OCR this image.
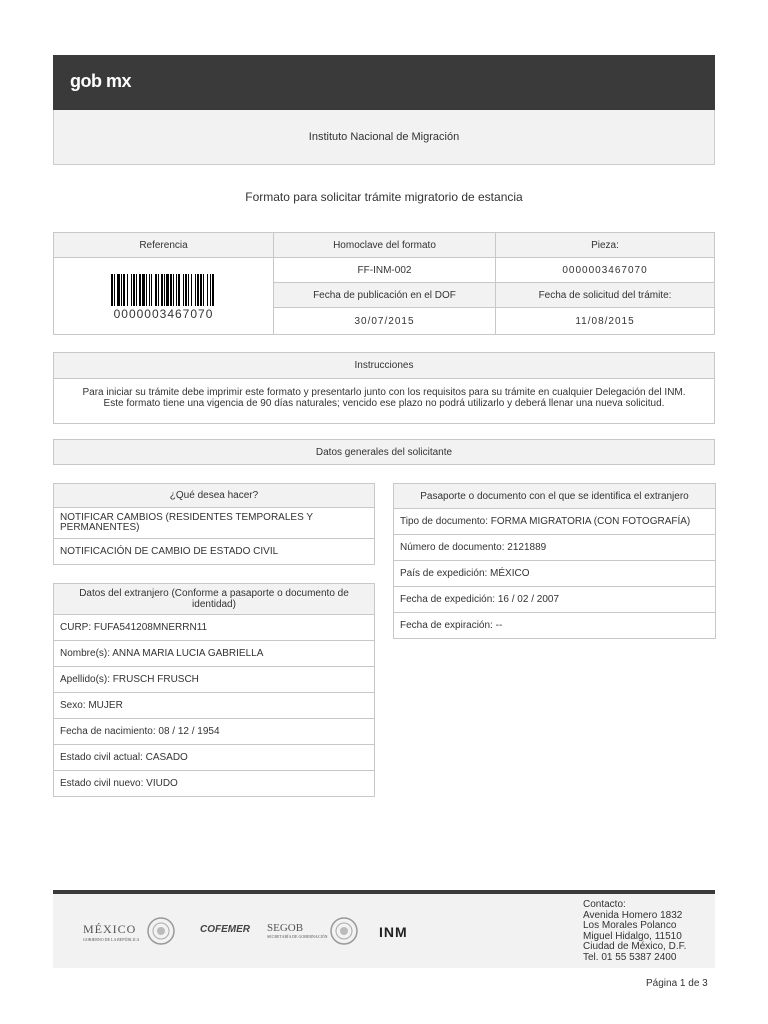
gob mx
Instituto Nacional de Migración
Formato para solicitar trámite migratorio de estancia
Referencia	Homoclave del formato	Pieza:

0000003467070	FF-INM-002	0000003467070
	Fecha de publicación en el DOF	Fecha de solicitud del trámite:
	30/07/2015	11/08/2015
Instrucciones
Para iniciar su trámite debe imprimir este formato y presentarlo junto con los requisitos para su trámite en cualquier Delegación del INM.
Este formato tiene una vigencia de 90 días naturales; vencido ese plazo no podrá utilizarlo y deberá llenar una nueva solicitud.
Datos generales del solicitante
¿Qué desea hacer?
NOTIFICAR CAMBIOS (RESIDENTES TEMPORALES Y PERMANENTES)
NOTIFICACIÓN DE CAMBIO DE ESTADO CIVIL
Datos del extranjero (Conforme a pasaporte o documento de identidad)
CURP: FUFA541208MNERRN11
Nombre(s): ANNA MARIA LUCIA GABRIELLA
Apellido(s): FRUSCH FRUSCH
Sexo: MUJER
Fecha de nacimiento: 08 / 12 / 1954
Estado civil actual: CASADO
Estado civil nuevo: VIUDO
Pasaporte o documento con el que se identifica el extranjero
Tipo de documento: FORMA MIGRATORIA (CON FOTOGRAFÍA)
Número de documento: 2121889
País de expedición: MÉXICO
Fecha de expedición: 16 / 02 / 2007
Fecha de expiración: --
MÉXICO
GOBIERNO DE LA REPÚBLICA
COFEMER SEGOB
SECRETARÍA DE GOBERNACIÓN	INM
Contacto:
Avenida Homero 1832
Los Morales Polanco
Miguel Hidalgo, 11510
Ciudad de México, D.F.
Tel. 01 55 5387 2400
Página 1 de 3
